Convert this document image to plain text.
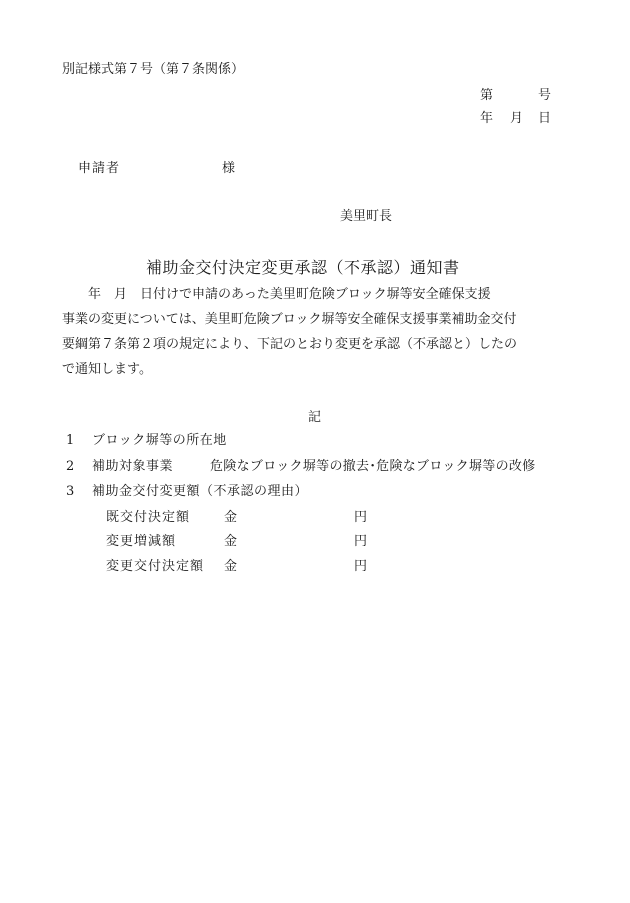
別記様式第７号（第７条関係）
第	号
年 月 日
申請者	様
美里町長
補助金交付決定変更承認（不承認）通知書

　　年　月　日付けで申請のあった美里町危険ブロック塀等安全確保支援

事業の変更については、美里町危険ブロック塀等安全確保支援事業補助金交付

要綱第７条第２項の規定により、下記のとおり変更を承認（不承認と）したの

で通知します。

記
1 ブロック塀等の所在地
2 補助対象事業	危険なブロック塀等の撤去･危険なブロック塀等の改修
3 補助金交付変更額（不承認の理由）
既交付決定額	金	円
変更増減額	金	円
変更交付決定額 金	円
